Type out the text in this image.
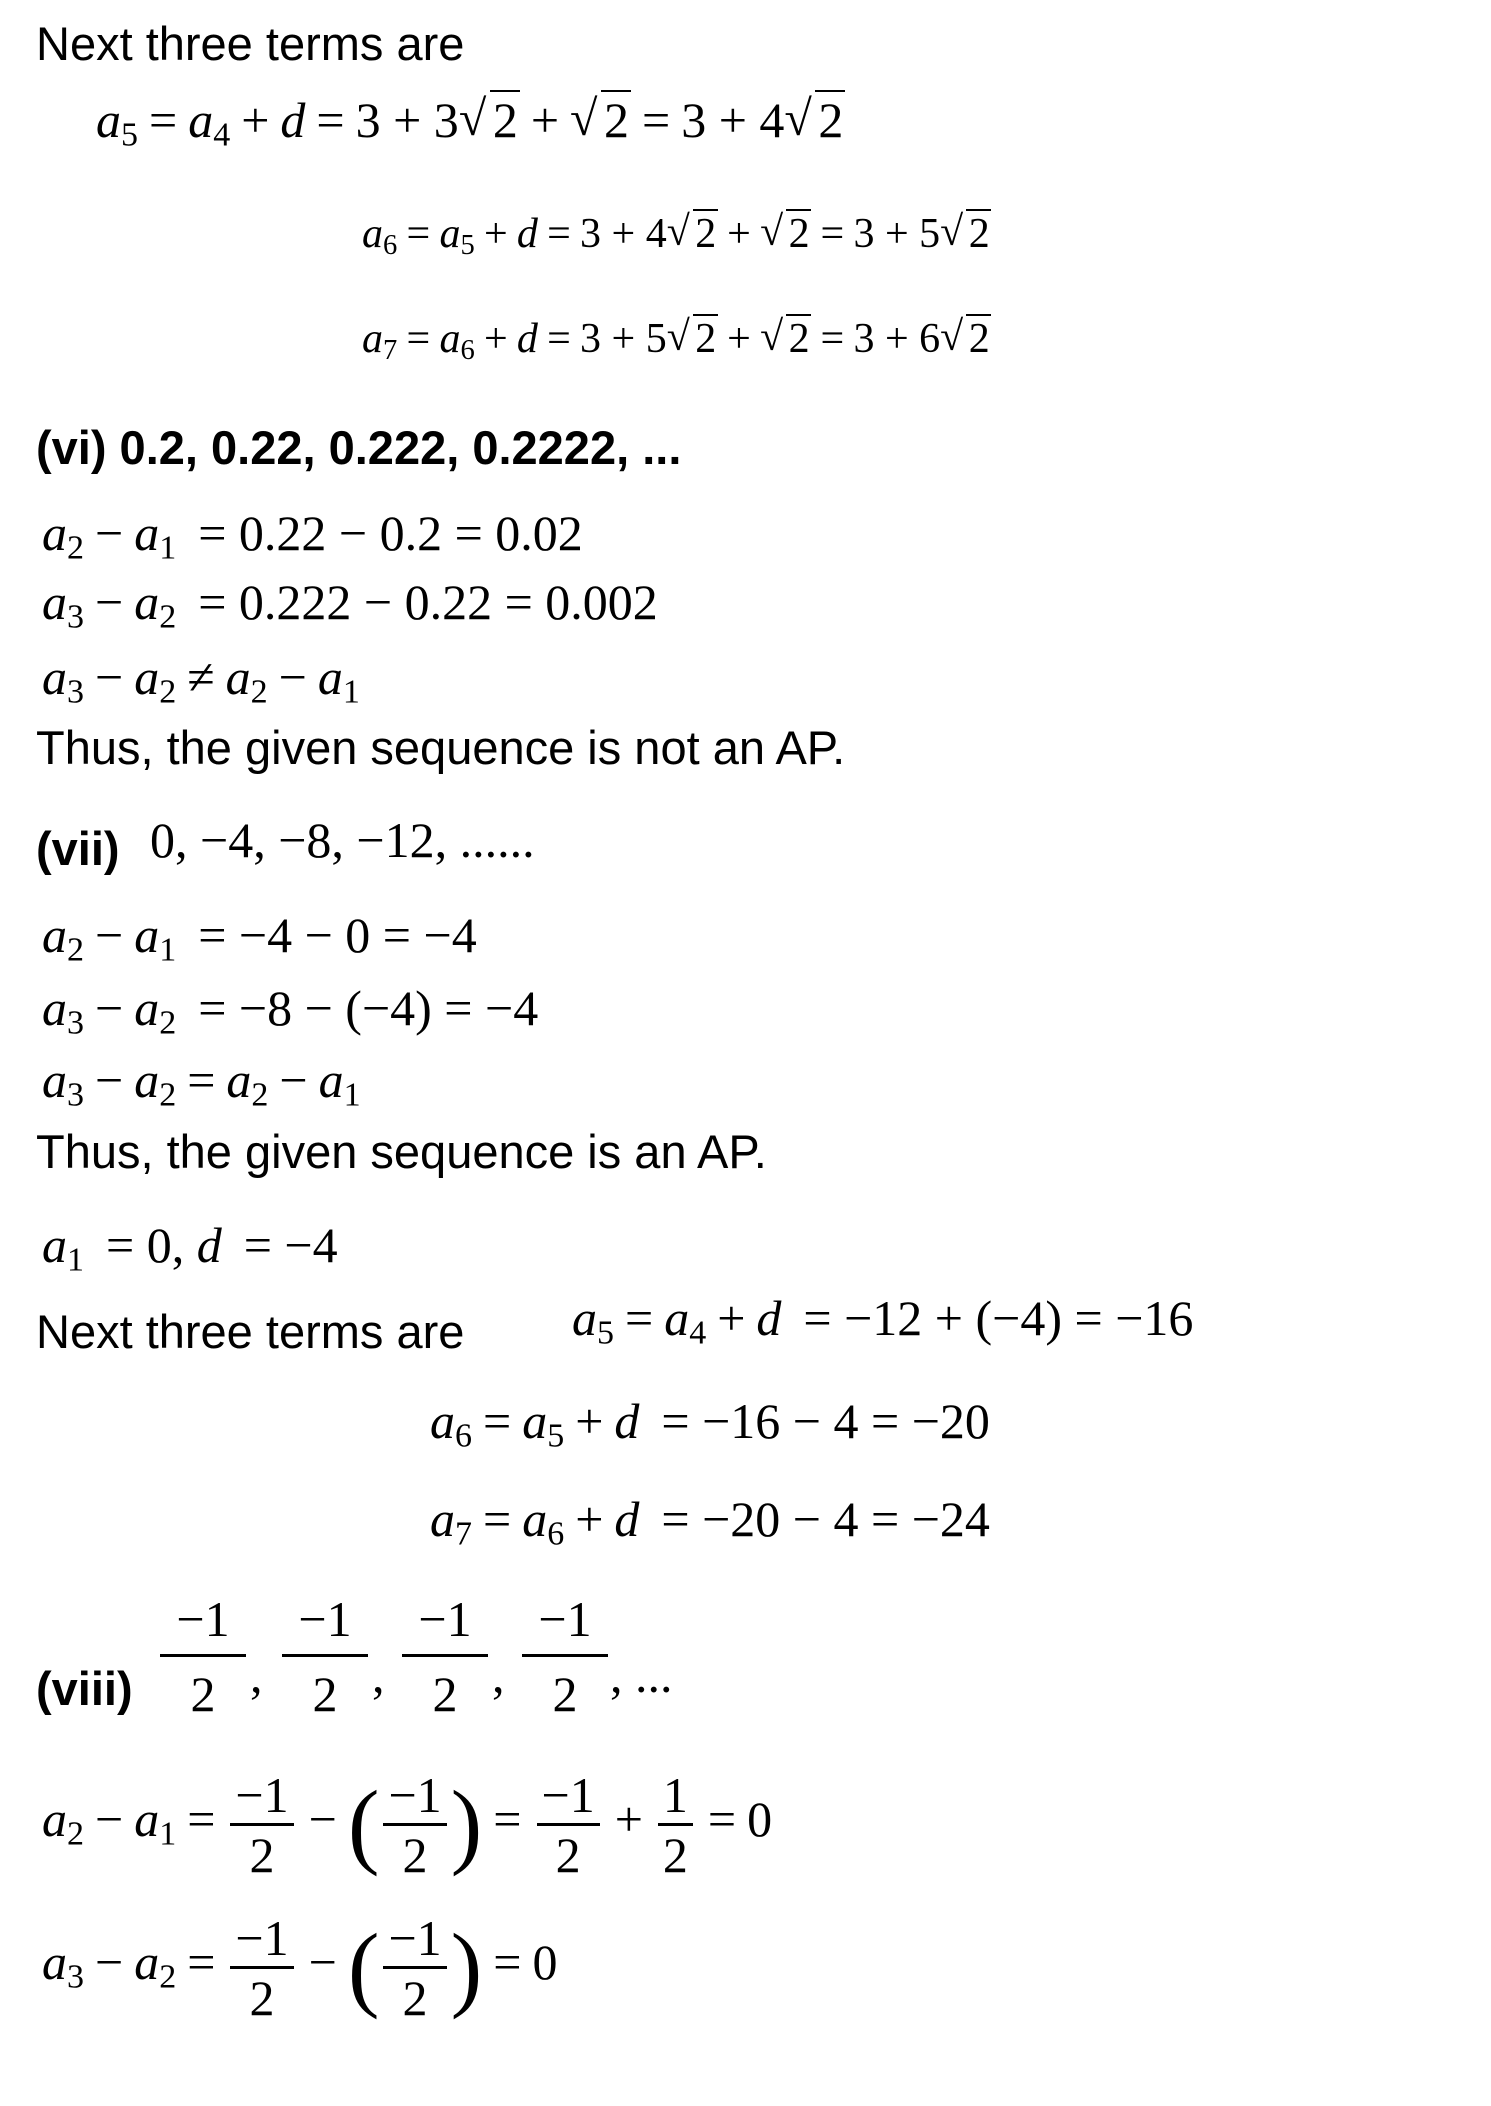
Next three terms are
$a_5 = a_4 + d = 3 + 3√$ 2 +√ 2 = 3 + 4√ 2
$a_6 = a_5 + d = 3 + 4√$ 2 +√ 2 = 3 + 5√ 2
$a_7 = a_6 + d = 3 + 5√$ 2 +√ 2 = 3 + 6√ 2
(vi) 0.2, 0.22, 0.222, 0.2222, ...
$a_2 - a_1 = 0.22 - 0.2 = 0.02$
$a_3 - a_2 = 0.222 - 0.22 = 0.002$
$a_3 - a_2 \ne a_2 - a_1$
Thus, the given sequence is not an AP.
(vii) 0, −4, −8, −12, ......
$a_2 - a_1 = -4 - 0 = -4$
$a_3 - a_2 = -8 - (-4) = -4$
$a_3 - a_2 = a_2 - a_1$
Thus, the given sequence is an AP.
$a_1 = 0$, d = −4
Next three terms are $a_5 = a_4 + d = -12 + (-4) = -16$
$a_6 = a_5 + d = -16 - 4 = -20$
$a_7 = a_6 + d = -20 - 4 = -24$
(viii)
−1
2 ,
−1
2 ,
−1
2 ,
−1
2 , ...
$a_2 - a_1 = \frac{-1}{2}$ − ( $\frac{-1}{2}$ ) = $\frac{-1}{2} + \frac{1}{2} = 0$
$a_3 - a_2 = \frac{-1}{2}$ − ( $\frac{-1}{2}$ ) = 0
